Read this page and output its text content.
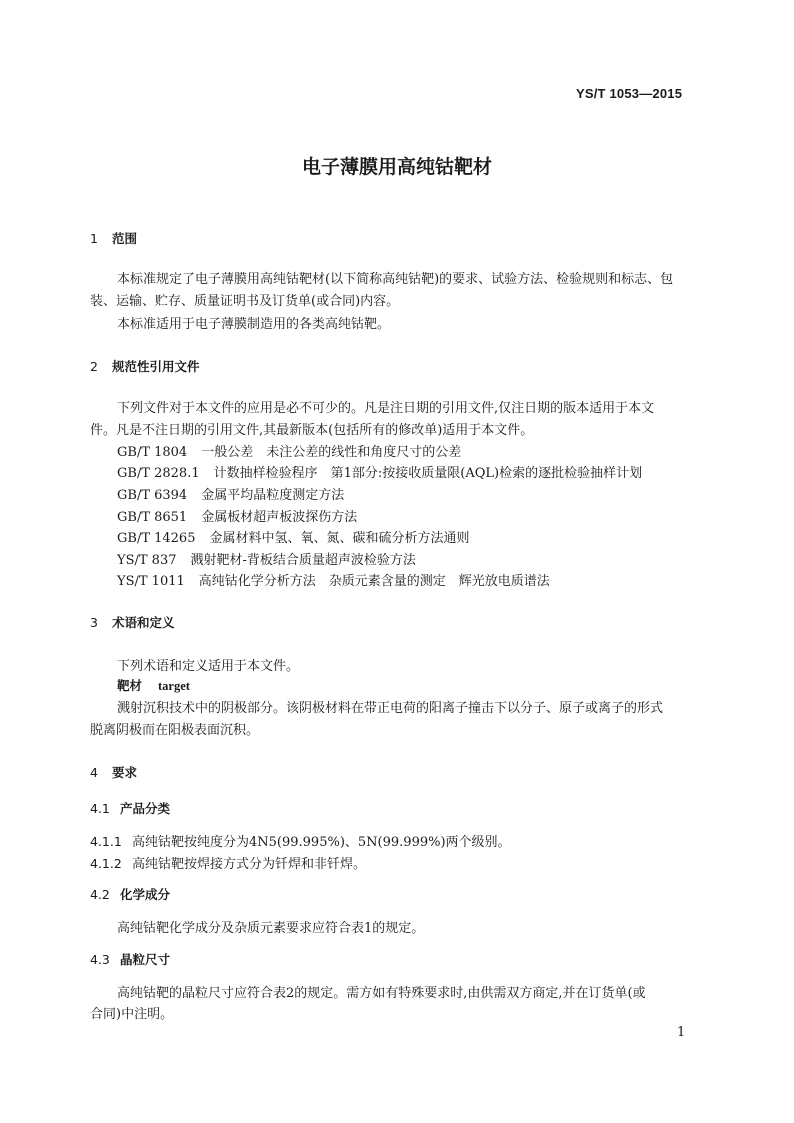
YS/T 1053—2015
电子薄膜用高纯钴靶材
1 范围
本标准规定了电子薄膜用高纯钴靶材(以下简称高纯钴靶)的要求、试验方法、检验规则和标志、包
装、运输、贮存、质量证明书及订货单(或合同)内容。
本标准适用于电子薄膜制造用的各类高纯钴靶。
2 规范性引用文件
下列文件对于本文件的应用是必不可少的。凡是注日期的引用文件,仅注日期的版本适用于本文
件。凡是不注日期的引用文件,其最新版本(包括所有的修改单)适用于本文件。
GB/T 1804 一般公差　未注公差的线性和角度尺寸的公差
GB/T 2828.1 计数抽样检验程序　第1部分:按接收质量限(AQL)检索的逐批检验抽样计划
GB/T 6394 金属平均晶粒度测定方法
GB/T 8651 金属板材超声板波探伤方法
GB/T 14265 金属材料中氢、氧、氮、碳和硫分析方法通则
YS/T 837 溅射靶材-背板结合质量超声波检验方法
YS/T 1011 高纯钴化学分析方法　杂质元素含量的测定　辉光放电质谱法
3 术语和定义
下列术语和定义适用于本文件。
靶材 target
溅射沉积技术中的阴极部分。该阴极材料在带正电荷的阳离子撞击下以分子、原子或离子的形式
脱离阴极而在阳极表面沉积。
4 要求
4.1 产品分类
4.1.1 高纯钴靶按纯度分为4N5(99.995%)、5N(99.999%)两个级别。
4.1.2 高纯钴靶按焊接方式分为钎焊和非钎焊。
4.2 化学成分
高纯钴靶化学成分及杂质元素要求应符合表1的规定。
4.3 晶粒尺寸
高纯钴靶的晶粒尺寸应符合表2的规定。需方如有特殊要求时,由供需双方商定,并在订货单(或
合同)中注明。
1
